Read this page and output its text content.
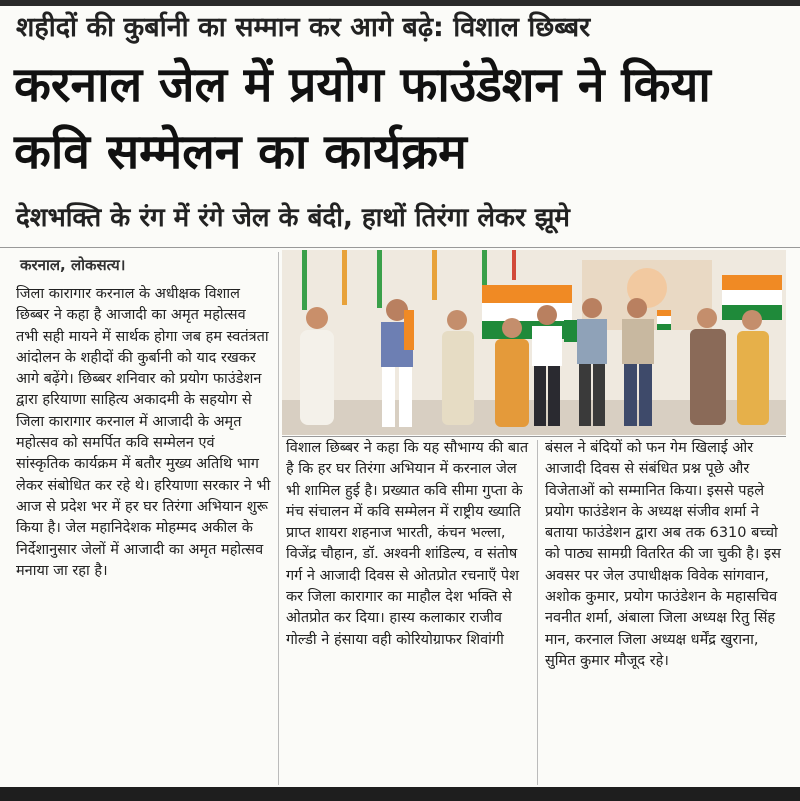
शहीदों की कुर्बानी का सम्मान कर आगे बढ़े: विशाल छिब्बर
करनाल जेल में प्रयोग फाउंडेशन ने किया कवि सम्मेलन का कार्यक्रम
देशभक्ति के रंग में रंगे जेल के बंदी, हाथों तिरंगा लेकर झूमे
करनाल, लोकसत्य।

जिला कारागार करनाल के अधीक्षक विशाल छिब्बर ने कहा है आजादी का अमृत महोत्सव तभी सही मायने में सार्थक होगा जब हम स्वतंत्रता आंदोलन के शहीदों की कुर्बानी को याद रखकर आगे बढ़ेंगे। छिब्बर शनिवार को प्रयोग फाउंडेशन द्वारा हरियाणा साहित्य अकादमी के सहयोग से जिला कारागार करनाल में आजादी के अमृत महोत्सव को समर्पित कवि सम्मेलन एवं सांस्कृतिक कार्यक्रम में बतौर मुख्य अतिथि भाग लेकर संबोधित कर रहे थे। हरियाणा सरकार ने भी आज से प्रदेश भर में हर घर तिरंगा अभियान शुरू किया है। जेल महानिदेशक मोहम्मद अकील के निर्देशानुसार जेलों में आजादी का अमृत महोत्सव मनाया जा रहा है।

विशाल छिब्बर ने कहा कि यह सौभाग्य की बात है कि हर घर तिरंगा अभियान में करनाल जेल भी शामिल हुई है। प्रख्यात कवि सीमा गुप्ता के मंच संचालन में कवि सम्मेलन में राष्ट्रीय ख्याति प्राप्त शायरा शहनाज भारती, कंचन भल्ला, विजेंद्र चौहान, डॉ. अश्वनी शांडिल्य, व संतोष गर्ग ने आजादी दिवस से ओतप्रोत रचनाएँ पेश कर जिला कारागार का माहौल देश भक्ति से ओतप्रोत कर दिया। हास्य कलाकार राजीव गोल्डी ने हंसाया वही कोरियोग्राफर शिवांगी

बंसल ने बंदियों को फन गेम खिलाई ओर आजादी दिवस से संबंधित प्रश्न पूछे और विजेताओं को सम्मानित किया। इससे पहले प्रयोग फाउंडेशन के अध्यक्ष संजीव शर्मा ने बताया फाउंडेशन द्वारा अब तक 6310 बच्चो को पाठ्य सामग्री वितरित की जा चुकी है। इस अवसर पर जेल उपाधीक्षक विवेक सांगवान, अशोक कुमार, प्रयोग फाउंडेशन के महासचिव नवनीत शर्मा, अंबाला जिला अध्यक्ष रितु सिंह मान, करनाल जिला अध्यक्ष धर्मेंद्र खुराना, सुमित कुमार मौजूद रहे।
